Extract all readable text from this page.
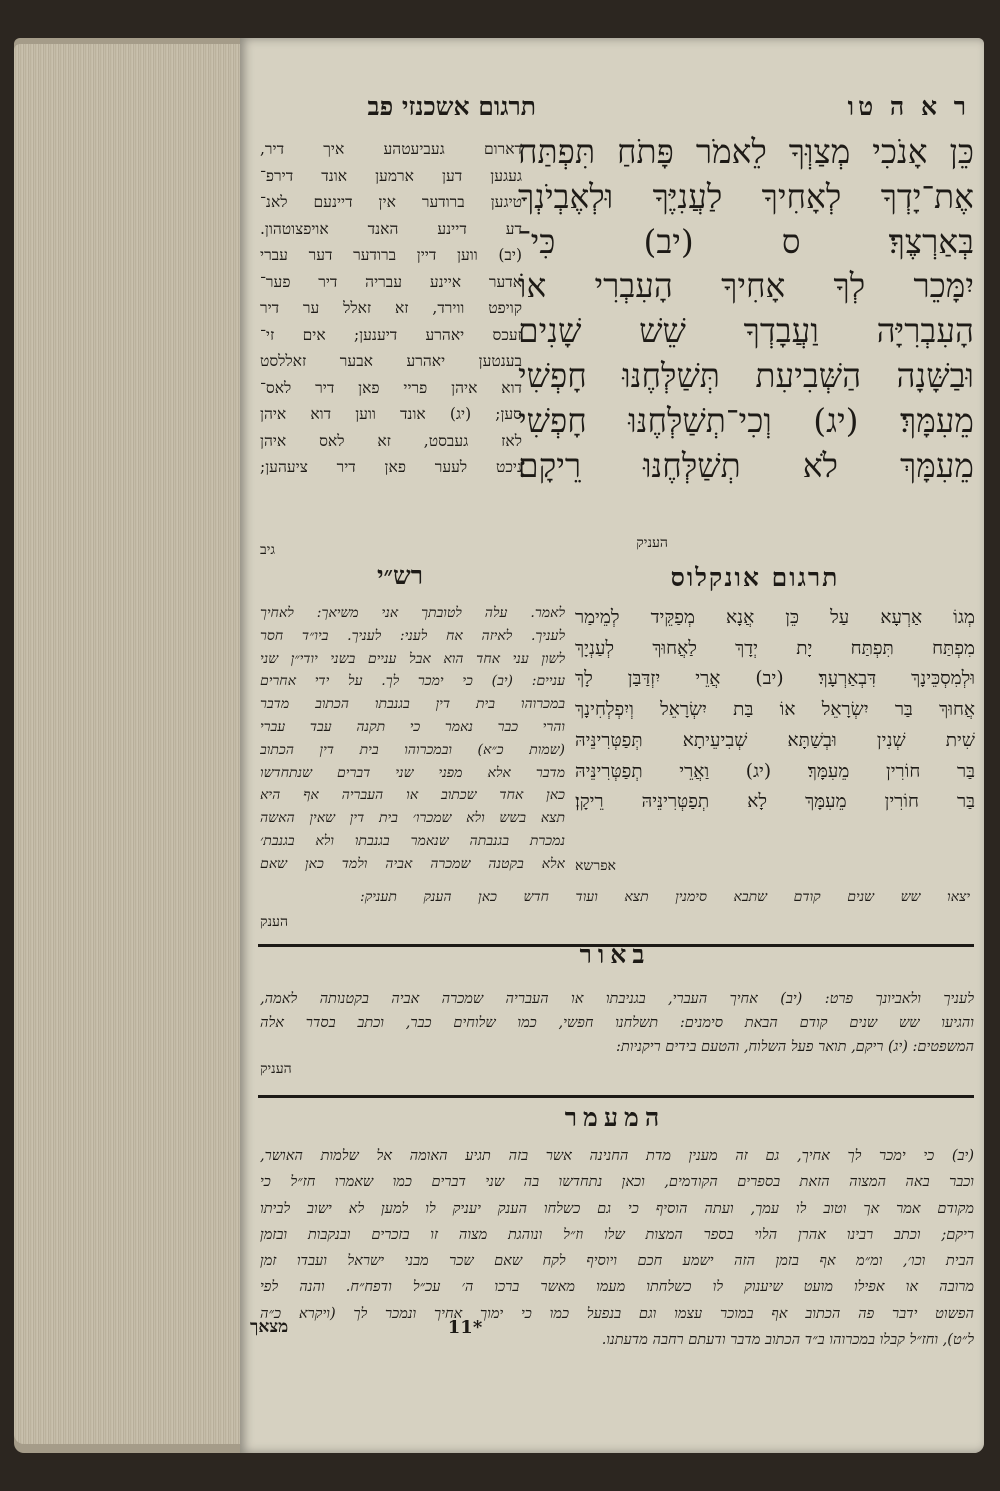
תרגום אשכנזי פב	ר א ה טו
כֵּן אָנֹכִי מְצַוְּךָ לֵאמֹר פָּתֹחַ תִּפְתַּח
אֶת־יָדְךָ לְאָחִיךָ לַעֲנִיֶּךָ וּלְאֶבְיֹנְךָ
בְּאַרְצֶךָ׃ ס (יב) כִּי־
יִמָּכֵר לְךָ אָחִיךָ הָעִבְרִי אוֹ
הָעִבְרִיָּה וַעֲבָדְךָ שֵׁשׁ שָׁנִים
וּבַשָּׁנָה הַשְּׁבִיעִת תְּשַׁלְּחֶנּוּ חָפְשִׁי
מֵעִמָּךְ׃ (יג) וְכִי־תְשַׁלְּחֶנּוּ חָפְשִׁי
מֵעִמָּךְ לֹא תְשַׁלְּחֶנּוּ רֵיקָם׃
העניק
דארום געביעטהע איך דיר,
געגען דען ארמען אונד דירפ־
טיגען ברודער אין דיינעם לאנ־
דע דיינע האנד אויפצוטהון.
(יב) ווען דיין ברודער דער עברי
אדער איינע עבריה דיר פער־
קויפט ווירד, זא זאלל ער דיר
זעכס יאהרע דיענען; אים זי־
בענטען יאהרע אבער זאללסט
דוא איהן פריי פאן דיר לאס־
סען; (יג) אונד ווען דוא איהן
לאז געבסט, זא לאס איהן
ניכט לעער פאן דיר ציעהען;
גיב
תרגום אונקלוס
מְגוֹ אַרְעָא עַל כֵּן אֲנָא מְפַקֵּיד לְמֵימַר
מִפְתַּח תִּפְתַּח יָת יְדָךְ לַאֲחוּךְ לְעַנְיָךְ
וּלְמִסְכֵּינָךְ דִּבְאַרְעָךְ׃ (יב) אֲרֵי יִזְדַּבַּן לָךְ
אֲחוּךְ בַּר יִשְׂרָאֵל אוֹ בַּת יִשְׂרָאֵל וְיִפְלְחִינָךְ
שִׁית שְׁנִין וּבְשַׁתָּא שְׁבִיעֵיתָא תְּפַטְּרִינֵּיהּ
בַּר חוֹרִין מֵעִמָּךְ׃ (יג) וַאֲרֵי תְפַטְּרִינֵּיהּ
בַּר חוֹרִין מֵעִמָּךְ לָא תְפַטְּרִינֵּיהּ רֵיקָן׃
אפרשא
רש״י
לאמר. עלה לטובתך אני משיאך: לאחיך
לעניך. לאיזה אח לעני: לעניך. ביו״ד חסר
לשון עני אחד הוא אבל עניים בשני יודי״ן שני
עניים: (יב) כי ימכר לך. על ידי אחרים
במכרוהו בית דין בגנבתו הכתוב מדבר
והרי כבר נאמר כי תקנה עבד עברי
(שמות כ״א) ובמכרוהו בית דין הכתוב
מדבר אלא מפני שני דברים שנתחדשו
כאן אחד שכתוב או העבריה אף היא
תצא בשש ולא שמכרו׳ בית דין שאין האשה
נמכרת בגנבתה שנאמר בגנבתו ולא בגנבת׳
אלא בקטנה שמכרה אביה ולמד כאן שאם
יצאו שש שנים קודם שתבא סימנין תצא ועוד חדש כאן הענק תעניק:
הענק
באור
לעניך ולאביונך פרט: (יב) אחיך העברי, בגניבתו או העבריה שמכרה אביה בקטנותה לאמה,
והגיעו שש שנים קודם הבאת סימנים: תשלחנו חפשי, כמו שלוחים כבר, וכתב בסדר אלה
המשפטים: (יג) ריקם, תואר פעל השלוח, והטעם בידים ריקניות:
העניק
המעמר
(יב) כי ימכר לך אחיך, גם זה מענין מדת החנינה אשר בזה תגיע האומה אל שלמות האושר,
וכבר באה המצוה הזאת בספרים הקודמים, וכאן נתחדשו בה שני דברים כמו שאמרו חז״ל כי
מקודם אמר אך וטוב לו עמך, ועתה הוסיף כי גם כשלחו הענק יעניק לו למען לא ישוב לביתו
ריקם; וכתב רבינו אהרן הלוי בספר המצות שלו וז״ל ונוהגת מצוה זו בזכרים ובנקבות ובזמן
הבית וכו׳, ומ״מ אף בזמן הזה ישמע חכם ויוסיף לקח שאם שכר מבני ישראל ועבדו זמן
מרובה או אפילו מועט שיענוק לו כשלחתו מעמו מאשר ברכו ה׳ עכ״ל ודפח״ח. והנה לפי
הפשוט ידבר פה הכתוב אף במוכר עצמו וגם בנפעל כמו כי ימוך אחיך ונמכר לך (ויקרא כ״ה
ל״ט), וחז״ל קבלו במכרוהו ב״ד הכתוב מדבר ודעתם רחבה מדעתנו.
11*
מצאך
